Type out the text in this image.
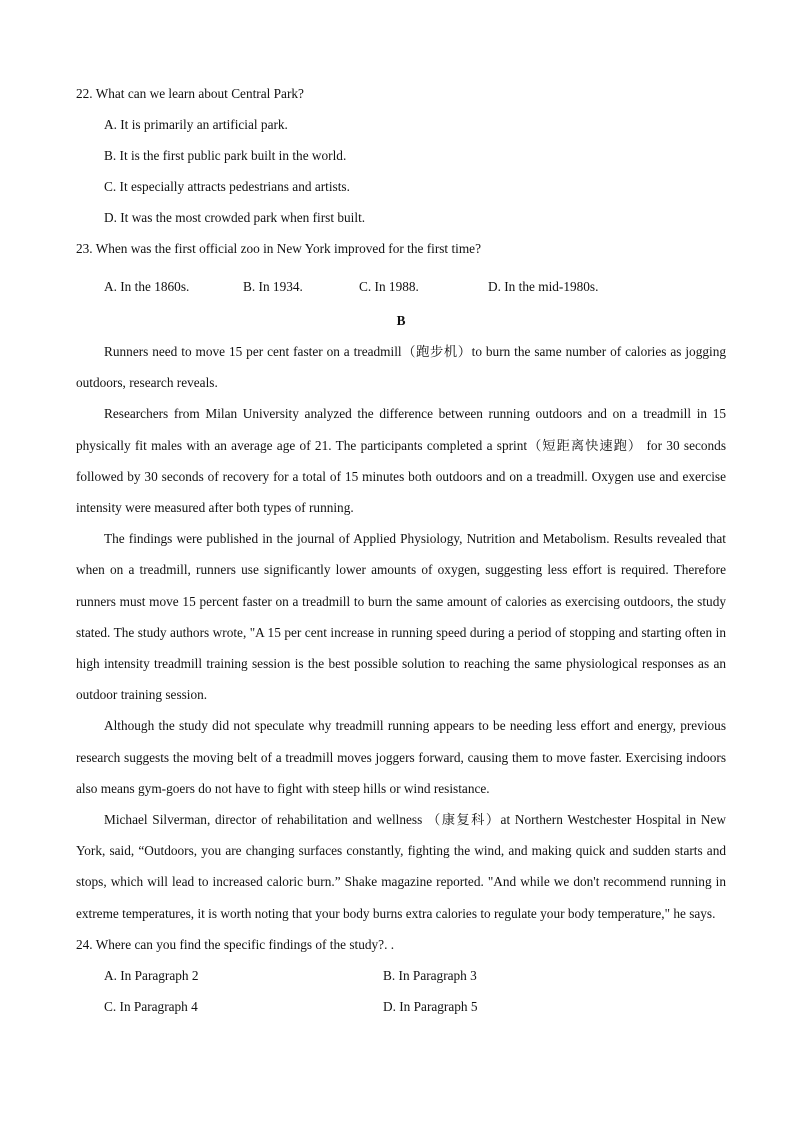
22. What can we learn about Central Park?

A. It is primarily an artificial park.

B. It is the first public park built in the world.

C. It especially attracts pedestrians and artists.

D. It was the most crowded park when first built.

23. When was the first official zoo in New York improved for the first time?

A. In the 1860s.	B. In 1934.	C. In 1988.	D. In the mid-1980s.

B

Runners need to move 15 per cent faster on a treadmill（跑步机）to burn the same number of calories as jogging outdoors, research reveals.

Researchers from Milan University analyzed the difference between running outdoors and on a treadmill in 15 physically fit males with an average age of 21. The participants completed a sprint（短距离快速跑） for 30 seconds followed by 30 seconds of recovery for a total of 15 minutes both outdoors and on a treadmill. Oxygen use and exercise intensity were measured after both types of running.

The findings were published in the journal of Applied Physiology, Nutrition and Metabolism. Results revealed that when on a treadmill, runners use significantly lower amounts of oxygen, suggesting less effort is required. Therefore runners must move 15 percent faster on a treadmill to burn the same amount of calories as exercising outdoors, the study stated. The study authors wrote, "A 15 per cent increase in running speed during a period of stopping and starting often in high intensity treadmill training session is the best possible solution to reaching the same physiological responses as an outdoor training session.

Although the study did not speculate why treadmill running appears to be needing less effort and energy, previous research suggests the moving belt of a treadmill moves joggers forward, causing them to move faster. Exercising indoors also means gym-goers do not have to fight with steep hills or wind resistance.

Michael Silverman, director of rehabilitation and wellness （康复科）at Northern Westchester Hospital in New York, said, “Outdoors, you are changing surfaces constantly, fighting the wind, and making quick and sudden starts and stops, which will lead to increased caloric burn.” Shake magazine reported. "And while we don't recommend running in extreme temperatures, it is worth noting that your body burns extra calories to regulate your body temperature," he says.

24. Where can you find the specific findings of the study?. .

A. In Paragraph 2	B. In Paragraph 3
C. In Paragraph 4	D. In Paragraph 5
